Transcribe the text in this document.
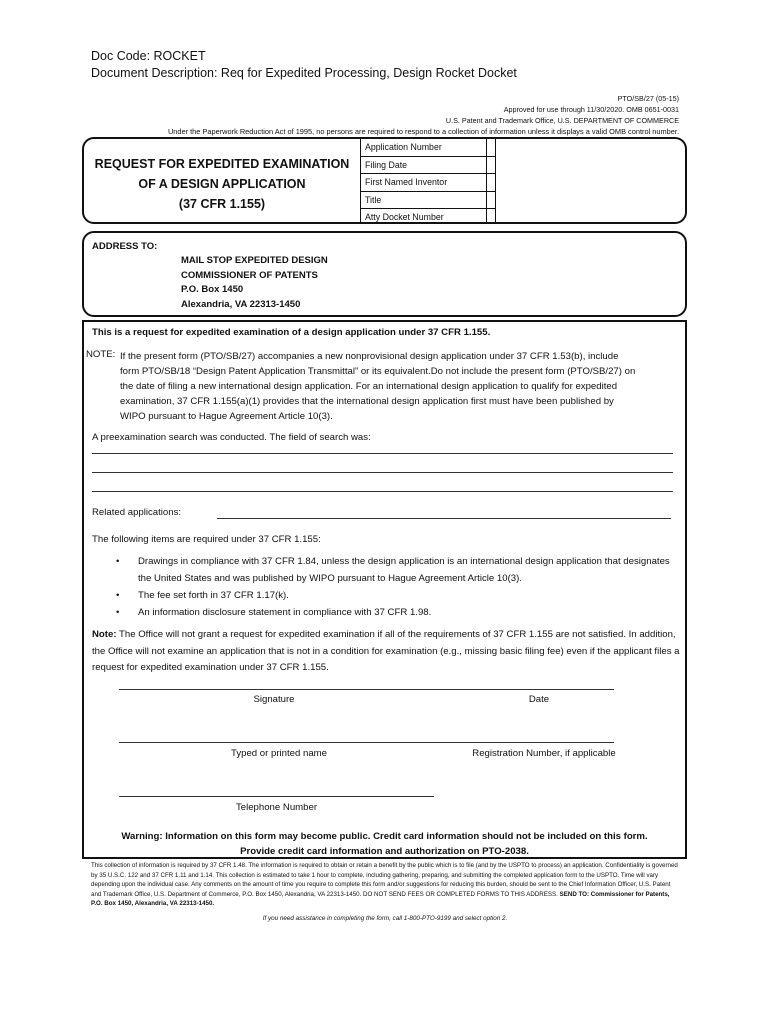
Doc Code: ROCKET
Document Description: Req for Expedited Processing, Design Rocket Docket
PTO/SB/27 (05-15)
Approved for use through 11/30/2020. OMB 0651-0031
U.S. Patent and Trademark Office, U.S. DEPARTMENT OF COMMERCE
Under the Paperwork Reduction Act of 1995, no persons are required to respond to a collection of information unless it displays a valid OMB control number.
REQUEST FOR EXPEDITED EXAMINATION
OF A DESIGN APPLICATION
(37 CFR 1.155)
Application Number	
Filing Date	
First Named Inventor	
Title	
Atty Docket Number	
ADDRESS TO:
MAIL STOP EXPEDITED DESIGN
COMMISSIONER OF PATENTS
P.O. Box 1450
Alexandria, VA 22313-1450
This is a request for expedited examination of a design application under 37 CFR 1.155.
NOTE: If the present form (PTO/SB/27) accompanies a new nonprovisional design application under 37 CFR 1.53(b), include form PTO/SB/18 “Design Patent Application Transmittal” or its equivalent.Do not include the present form (PTO/SB/27) on the date of filing a new international design application. For an international design application to qualify for expedited examination, 37 CFR 1.155(a)(1) provides that the international design application first must have been published by WIPO pursuant to Hague Agreement Article 10(3).
A preexamination search was conducted. The field of search was:
Related applications:
The following items are required under 37 CFR 1.155:
• Drawings in compliance with 37 CFR 1.84, unless the design application is an international design application that designates the United States and was published by WIPO pursuant to Hague Agreement Article 10(3).
• The fee set forth in 37 CFR 1.17(k).
• An information disclosure statement in compliance with 37 CFR 1.98.
Note: The Office will not grant a request for expedited examination if all of the requirements of 37 CFR 1.155 are not satisfied. In addition, the Office will not examine an application that is not in a condition for examination (e.g., missing basic filing fee) even if the applicant files a request for expedited examination under 37 CFR 1.155.
Signature	Date
Typed or printed name	Registration Number, if applicable
Telephone Number
Warning: Information on this form may become public. Credit card information should not be included on this form.
Provide credit card information and authorization on PTO-2038.
This collection of information is required by 37 CFR 1.48. The information is required to obtain or retain a benefit by the public which is to file (and by the USPTO to process) an application. Confidentiality is governed by 35 U.S.C. 122 and 37 CFR 1.11 and 1.14. This collection is estimated to take 1 hour to complete, including gathering, preparing, and submitting the completed application form to the USPTO. Time will vary depending upon the individual case. Any comments on the amount of time you require to complete this form and/or suggestions for reducing this burden, should be sent to the Chief Information Officer, U.S. Patent and Trademark Office, U.S. Department of Commerce, P.O. Box 1450, Alexandria, VA 22313-1450. DO NOT SEND FEES OR COMPLETED FORMS TO THIS ADDRESS. SEND TO: Commissioner for Patents, P.O. Box 1450, Alexandria, VA 22313-1450.
If you need assistance in completing the form, call 1-800-PTO-9199 and select option 2.
